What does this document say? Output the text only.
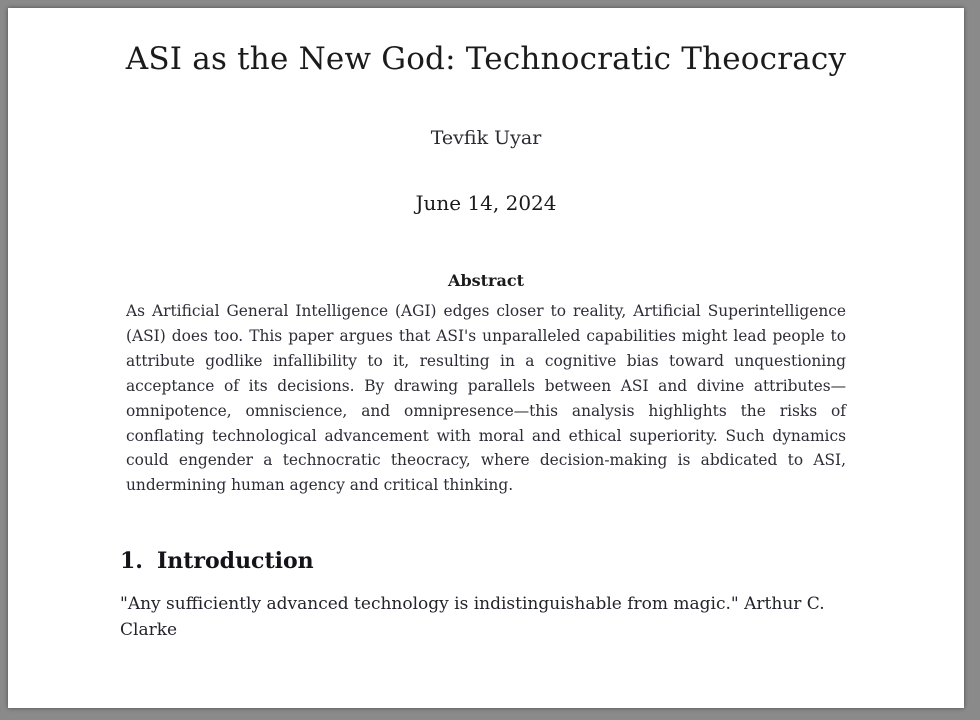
ASI as the New God: Technocratic Theocracy
Tevfik Uyar
June 14, 2024
Abstract
As Artificial General Intelligence (AGI) edges closer to reality, Artificial Superintelligence (ASI) does too. This paper argues that ASI's unparalleled capabilities might lead people to attribute godlike infallibility to it, resulting in a cognitive bias toward unquestioning acceptance of its decisions. By drawing parallels between ASI and divine attributes—omnipotence, omniscience, and omnipresence—this analysis highlights the risks of conflating technological advancement with moral and ethical superiority. Such dynamics could engender a technocratic theocracy, where decision-making is abdicated to ASI, undermining human agency and critical thinking.
1. Introduction
"Any sufficiently advanced technology is indistinguishable from magic." Arthur C. Clarke
